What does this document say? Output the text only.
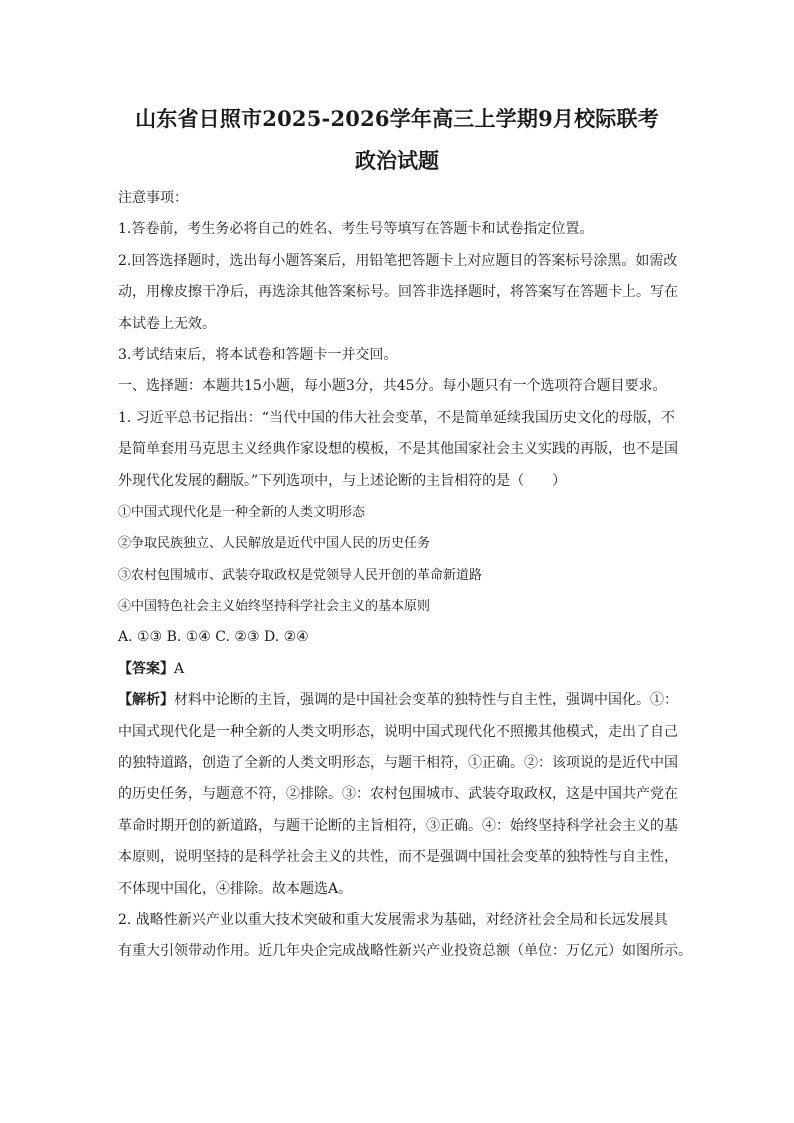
山东省日照市2025-2026学年高三上学期9月校际联考
政治试题
注意事项：
1.答卷前，考生务必将自己的姓名、考生号等填写在答题卡和试卷指定位置。
2.回答选择题时，选出每小题答案后，用铅笔把答题卡上对应题目的答案标号涂黑。如需改
动，用橡皮擦干净后，再选涂其他答案标号。回答非选择题时，将答案写在答题卡上。写在
本试卷上无效。
3.考试结束后，将本试卷和答题卡一并交回。
一、选择题：本题共15小题，每小题3分，共45分。每小题只有一个选项符合题目要求。
1. 习近平总书记指出：“当代中国的伟大社会变革，不是简单延续我国历史文化的母版，不
是简单套用马克思主义经典作家设想的模板，不是其他国家社会主义实践的再版，也不是国
外现代化发展的翻版。”下列选项中，与上述论断的主旨相符的是（　　）
①中国式现代化是一种全新的人类文明形态
②争取民族独立、人民解放是近代中国人民的历史任务
③农村包围城市、武装夺取政权是党领导人民开创的革命新道路
④中国特色社会主义始终坚持科学社会主义的基本原则
A. ①③ B. ①④ C. ②③ D. ②④
【答案】A
【解析】材料中论断的主旨，强调的是中国社会变革的独特性与自主性，强调中国化。①：
中国式现代化是一种全新的人类文明形态，说明中国式现代化不照搬其他模式，走出了自己
的独特道路，创造了全新的人类文明形态，与题干相符，①正确。②：该项说的是近代中国
的历史任务，与题意不符，②排除。③：农村包围城市、武装夺取政权，这是中国共产党在
革命时期开创的新道路，与题干论断的主旨相符，③正确。④：始终坚持科学社会主义的基
本原则，说明坚持的是科学社会主义的共性，而不是强调中国社会变革的独特性与自主性，
不体现中国化，④排除。故本题选A。
2. 战略性新兴产业以重大技术突破和重大发展需求为基础，对经济社会全局和长远发展具
有重大引领带动作用。近几年央企完成战略性新兴产业投资总额（单位：万亿元）如图所示。
